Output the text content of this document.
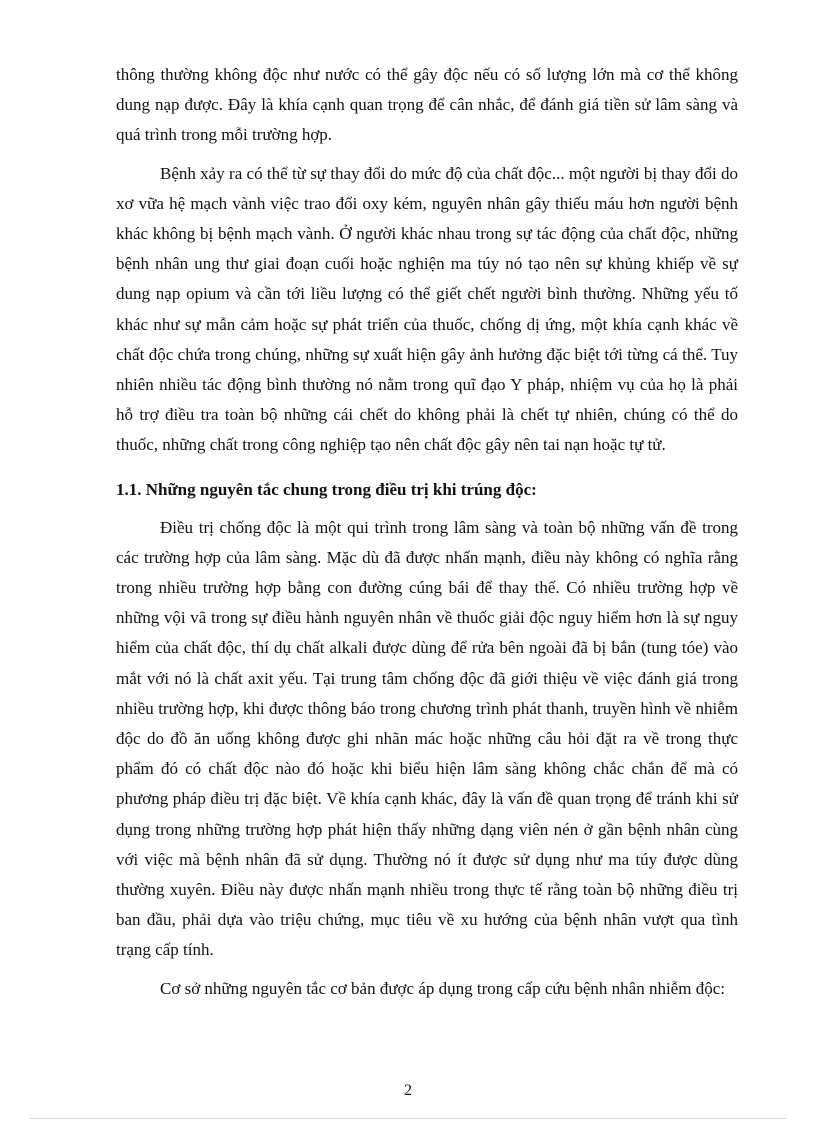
thông thường không độc như nước có thể gây độc nếu có số lượng lớn mà cơ thể không dung nạp được. Đây là khía cạnh quan trọng để cân nhắc, để đánh giá tiền sử lâm sàng và quá trình trong mỗi trường hợp.

Bệnh xảy ra có thể từ sự thay đổi do mức độ của chất độc... một người bị thay đổi do xơ vữa hệ mạch vành việc trao đổi oxy kém, nguyên nhân gây thiếu máu hơn người bệnh khác không bị bệnh mạch vành. Ở người khác nhau trong sự tác động của chất độc, những bệnh nhân ung thư giai đoạn cuối hoặc nghiện ma túy nó tạo nên sự khủng khiếp về sự dung nạp opium và cần tới liều lượng có thể giết chết người bình thường. Những yếu tố khác như sự mẫn cảm hoặc sự phát triển của thuốc, chống dị ứng, một khía cạnh khác về chất độc chứa trong chúng, những sự xuất hiện gây ảnh hưởng đặc biệt tới từng cá thể. Tuy nhiên nhiều tác động bình thường nó nằm trong quĩ đạo Y pháp, nhiệm vụ của họ là phải hỗ trợ điều tra toàn bộ những cái chết do không phải là chết tự nhiên, chúng có thể do thuốc, những chất trong công nghiệp tạo nên chất độc gây nên tai nạn hoặc tự tử.

1.1. Những nguyên tắc chung trong điều trị khi trúng độc:

Điều trị chống độc là một qui trình trong lâm sàng và toàn bộ những vấn đề trong các trường hợp của lâm sàng. Mặc dù đã được nhấn mạnh, điều này không có nghĩa rằng trong nhiều trường hợp bằng con đường cúng bái để thay thế. Có nhiều trường hợp về những vội vã trong sự điều hành nguyên nhân về thuốc giải độc nguy hiểm hơn là sự nguy hiểm của chất độc, thí dụ chất alkali được dùng để rửa bên ngoài đã bị bắn (tung tóe) vào mắt với nó là chất axit yếu. Tại trung tâm chống độc đã giới thiệu về việc đánh giá trong nhiều trường hợp, khi được thông báo trong chương trình phát thanh, truyền hình về nhiễm độc do đồ ăn uống không được ghi nhãn mác hoặc những câu hỏi đặt ra về trong thực phẩm đó có chất độc nào đó hoặc khi biểu hiện lâm sàng không chắc chắn để mà có phương pháp điều trị đặc biệt. Về khía cạnh khác, đây là vấn đề quan trọng để tránh khi sử dụng trong những trường hợp phát hiện thấy những dạng viên nén ở gần bệnh nhân cùng với việc mà bệnh nhân đã sử dụng. Thường nó ít được sử dụng như ma túy được dùng thường xuyên. Điều này được nhấn mạnh nhiều trong thực tế rằng toàn bộ những điều trị ban đầu, phải dựa vào triệu chứng, mục tiêu về xu hướng của bệnh nhân vượt qua tình trạng cấp tính.

Cơ sở những nguyên tắc cơ bản được áp dụng trong cấp cứu bệnh nhân nhiễm độc:

2
